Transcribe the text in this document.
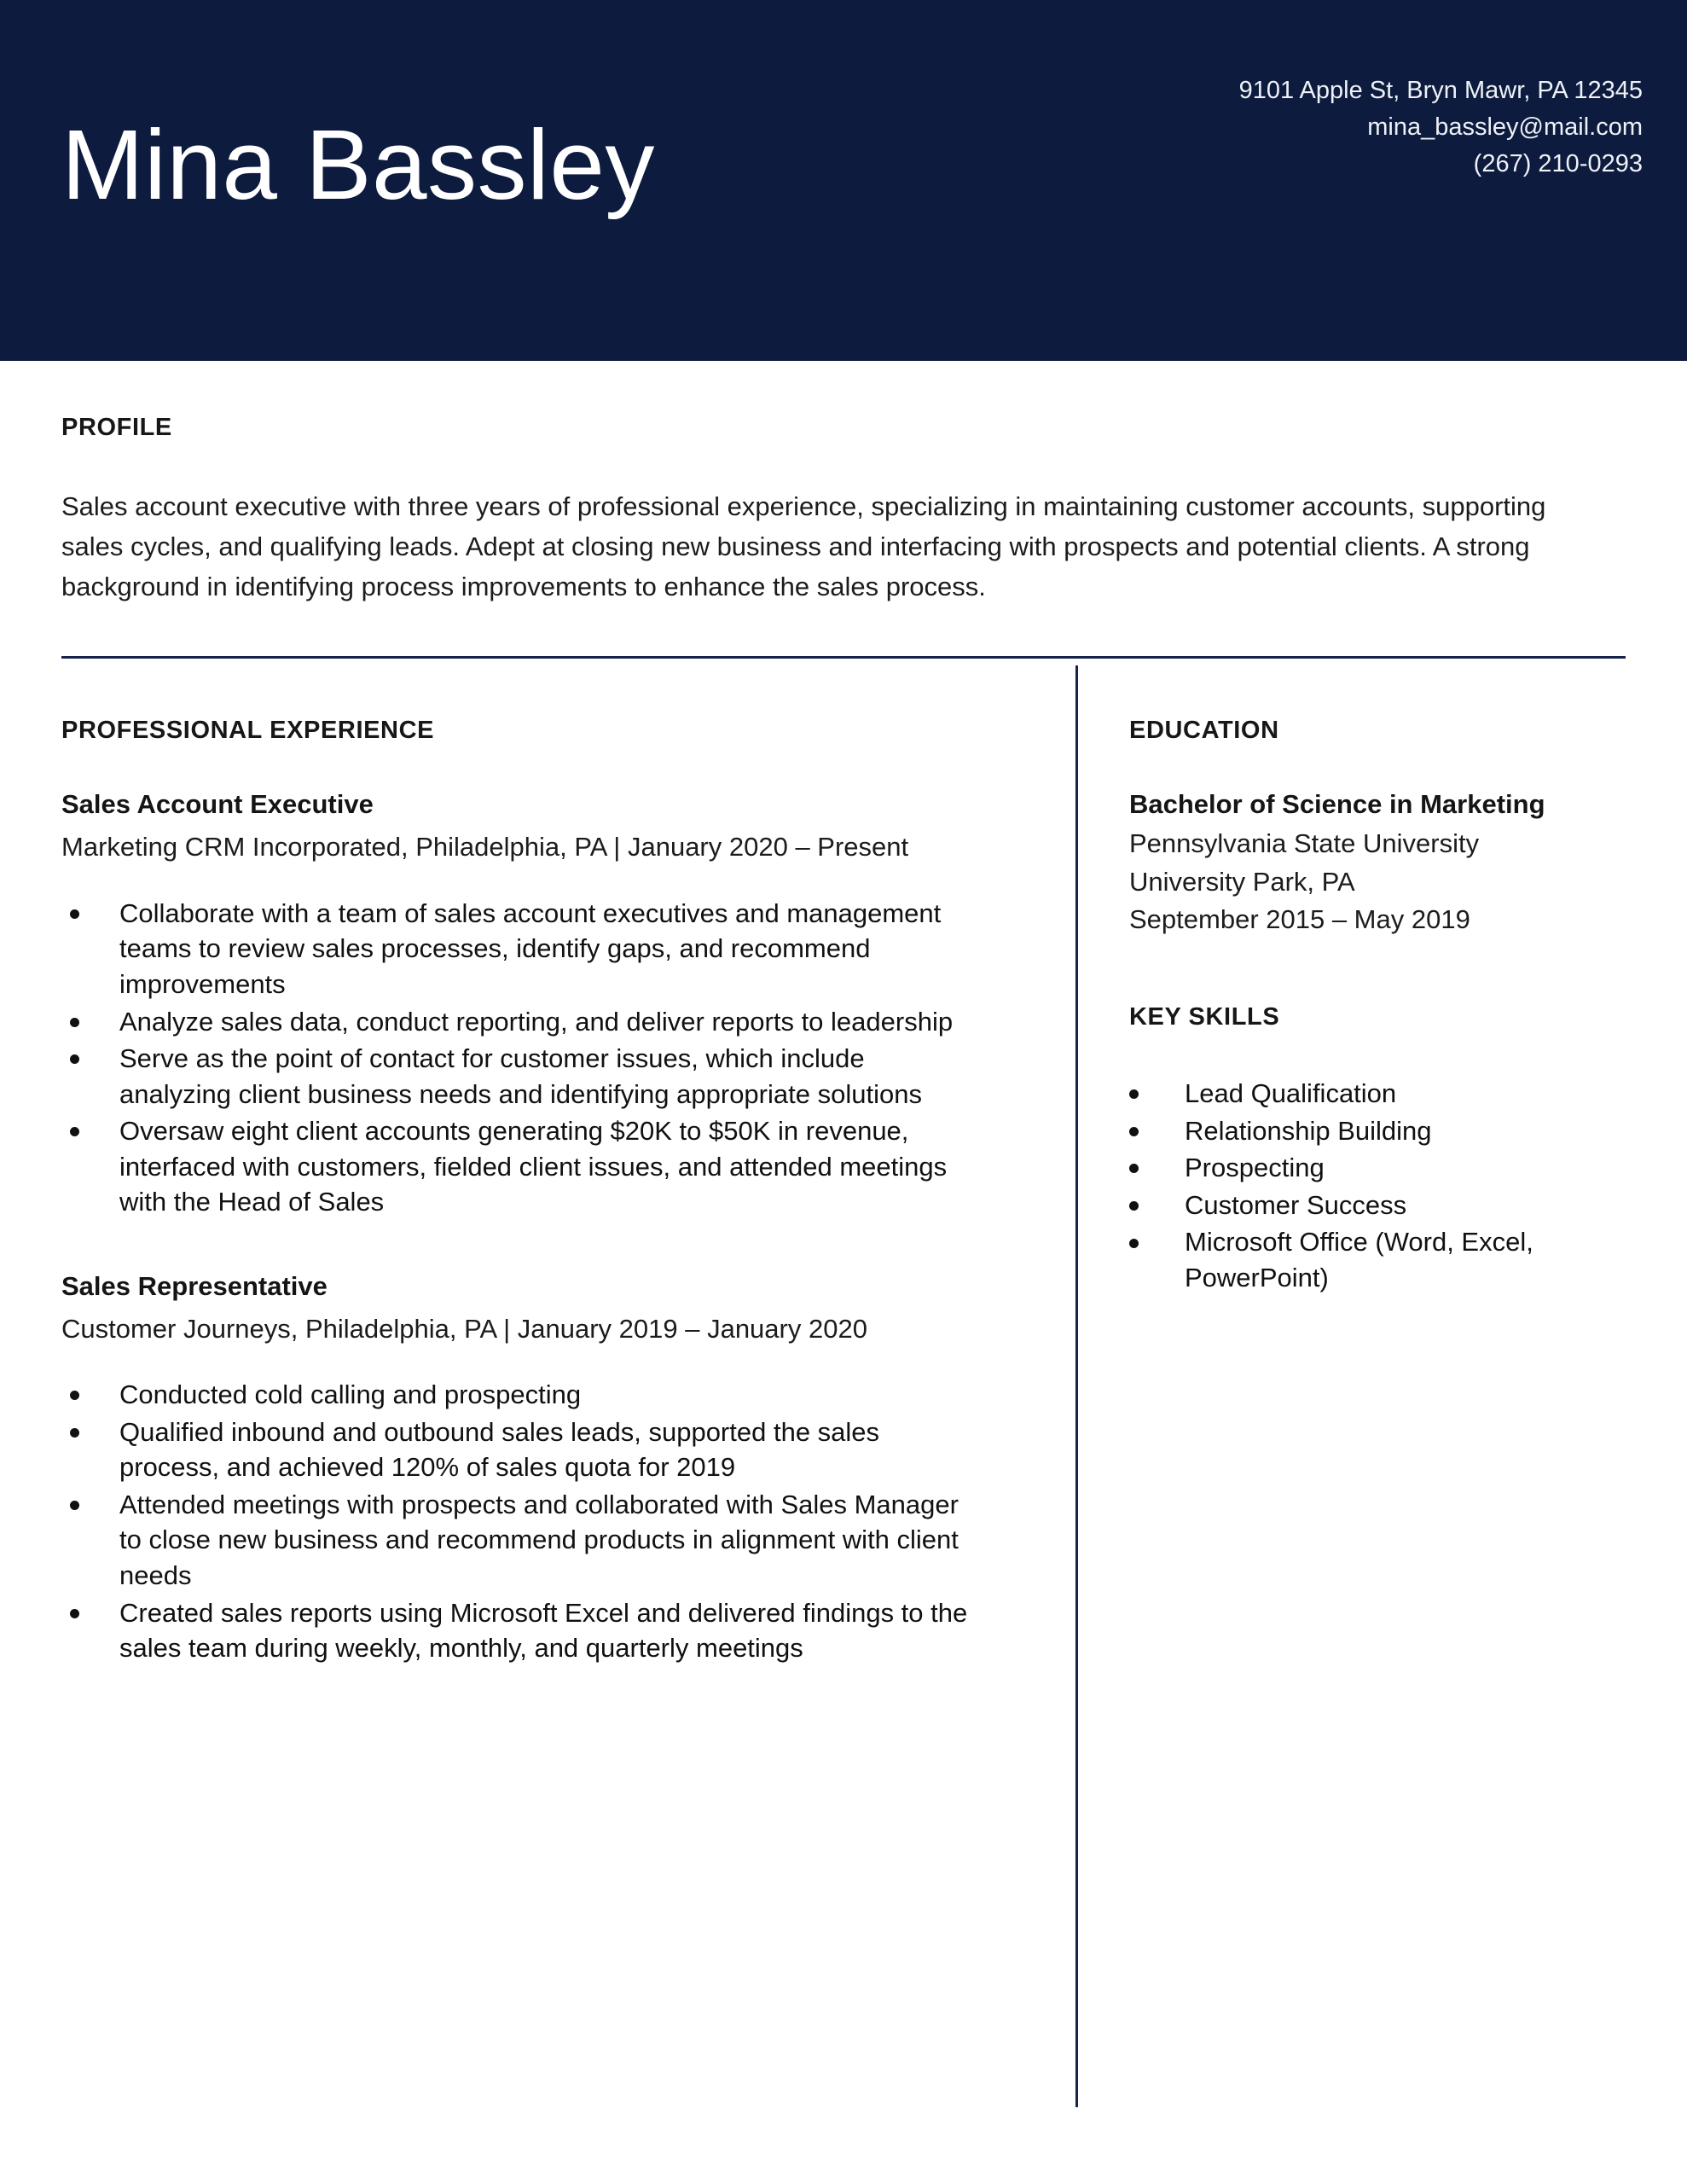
Mina Bassley
9101 Apple St, Bryn Mawr, PA 12345
mina_bassley@mail.com
(267) 210-0293
PROFILE

Sales account executive with three years of professional experience, specializing in maintaining customer accounts, supporting sales cycles, and qualifying leads. Adept at closing new business and interfacing with prospects and potential clients. A strong background in identifying process improvements to enhance the sales process.

PROFESSIONAL EXPERIENCE
Sales Account Executive
Marketing CRM Incorporated, Philadelphia, PA | January 2020 – Present
Collaborate with a team of sales account executives and management teams to review sales processes, identify gaps, and recommend improvements
Analyze sales data, conduct reporting, and deliver reports to leadership
Serve as the point of contact for customer issues, which include analyzing client business needs and identifying appropriate solutions
Oversaw eight client accounts generating $20K to $50K in revenue, interfaced with customers, fielded client issues, and attended meetings with the Head of Sales
Sales Representative
Customer Journeys, Philadelphia, PA | January 2019 – January 2020
Conducted cold calling and prospecting
Qualified inbound and outbound sales leads, supported the sales process, and achieved 120% of sales quota for 2019
Attended meetings with prospects and collaborated with Sales Manager to close new business and recommend products in alignment with client needs
Created sales reports using Microsoft Excel and delivered findings to the sales team during weekly, monthly, and quarterly meetings
EDUCATION
Bachelor of Science in Marketing
Pennsylvania State University
University Park, PA
September 2015 – May 2019
KEY SKILLS
Lead Qualification
Relationship Building
Prospecting
Customer Success
Microsoft Office (Word, Excel, PowerPoint)
